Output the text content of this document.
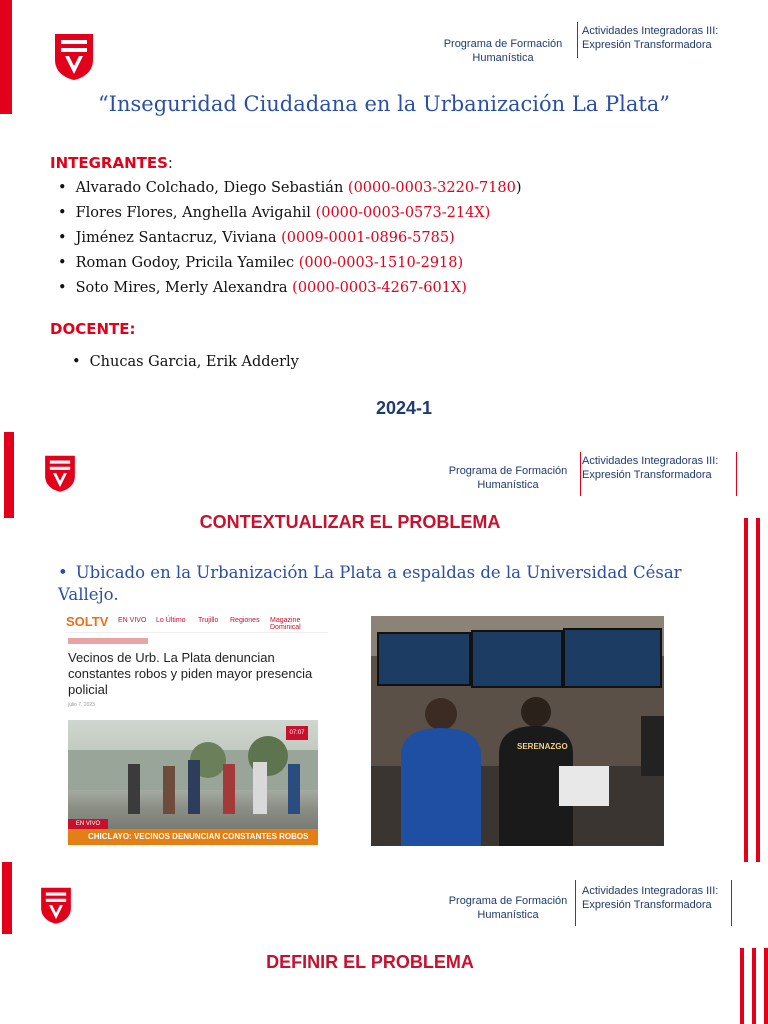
Programa de Formación
Humanística
Actividades Integradoras III:
Expresión Transformadora
“Inseguridad Ciudadana en la Urbanización La Plata”
INTEGRANTES:
• Alvarado Colchado, Diego Sebastián (0000-0003-3220-7180)
• Flores Flores, Anghella Avigahil (0000-0003-0573-214X)
• Jiménez Santacruz, Viviana (0009-0001-0896-5785)
• Roman Godoy, Pricila Yamilec (000-0003-1510-2918)
• Soto Mires, Merly Alexandra (0000-0003-4267-601X)
DOCENTE:
• Chucas Garcia, Erik Adderly
2024-1
Programa de Formación
Humanística
Actividades Integradoras III:
Expresión Transformadora
CONTEXTUALIZAR EL PROBLEMA
• Ubicado en la Urbanización La Plata a espaldas de la Universidad César Vallejo.
SOLTV EN VIVO Lo Último Trujillo Regiones Magazine Dominical
Vecinos de Urb. La Plata denuncian constantes robos y piden mayor presencia policial
julio 7, 2023
07:07
EN VIVO
CHICLAYO: VECINOS DENUNCIAN CONSTANTES ROBOS
SERENAZGO
Programa de Formación
Humanística
Actividades Integradoras III:
Expresión Transformadora
DEFINIR EL PROBLEMA
